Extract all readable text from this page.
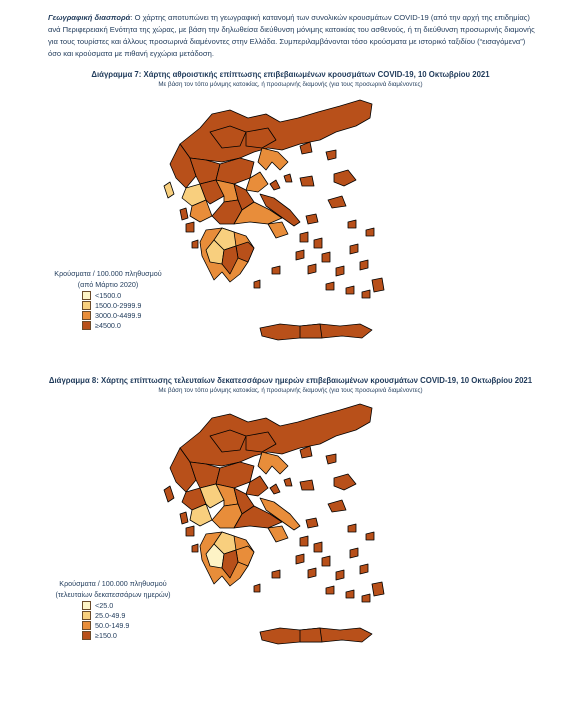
Γεωγραφική διασπορά: Ο χάρτης αποτυπώνει τη γεωγραφική κατανομή των συνολικών κρουσμάτων COVID-19 (από την αρχή της επιδημίας) ανά Περιφερειακή Ενότητα της χώρας, με βάση την δηλωθείσα διεύθυνση μόνιμης κατοικίας του ασθενούς, ή τη διεύθυνση προσωρινής διαμονής για τους τουρίστες και άλλους προσωρινά διαμένοντες στην Ελλάδα. Συμπεριλαμβάνονται τόσο κρούσματα με ιστορικό ταξιδίου (“εισαγόμενα”) όσο και κρούσματα με πιθανή εγχώρια μετάδοση.
Διάγραμμα 7: Χάρτης αθροιστικής επίπτωσης επιβεβαιωμένων κρουσμάτων COVID-19, 10 Οκτωβρίου 2021
Με βάση τον τόπο μόνιμης κατοικίας, ή προσωρινής διαμονής (για τους προσωρινά διαμένοντες)
Κρούσματα / 100.000 πληθυσμού
(από Μάρτιο 2020)
<1500.0
1500.0-2999.9
3000.0-4499.9
≥4500.0
Διάγραμμα 8: Χάρτης επίπτωσης τελευταίων δεκατεσσάρων ημερών επιβεβαιωμένων κρουσμάτων COVID-19, 10 Οκτωβρίου 2021
Με βάση τον τόπο μόνιμης κατοικίας, ή προσωρινής διαμονής (για τους προσωρινά διαμένοντες)
Κρούσματα / 100.000 πληθυσμού
(τελευταίων δεκατεσσάρων ημερών)
<25.0
25.0-49.9
50.0-149.9
≥150.0
